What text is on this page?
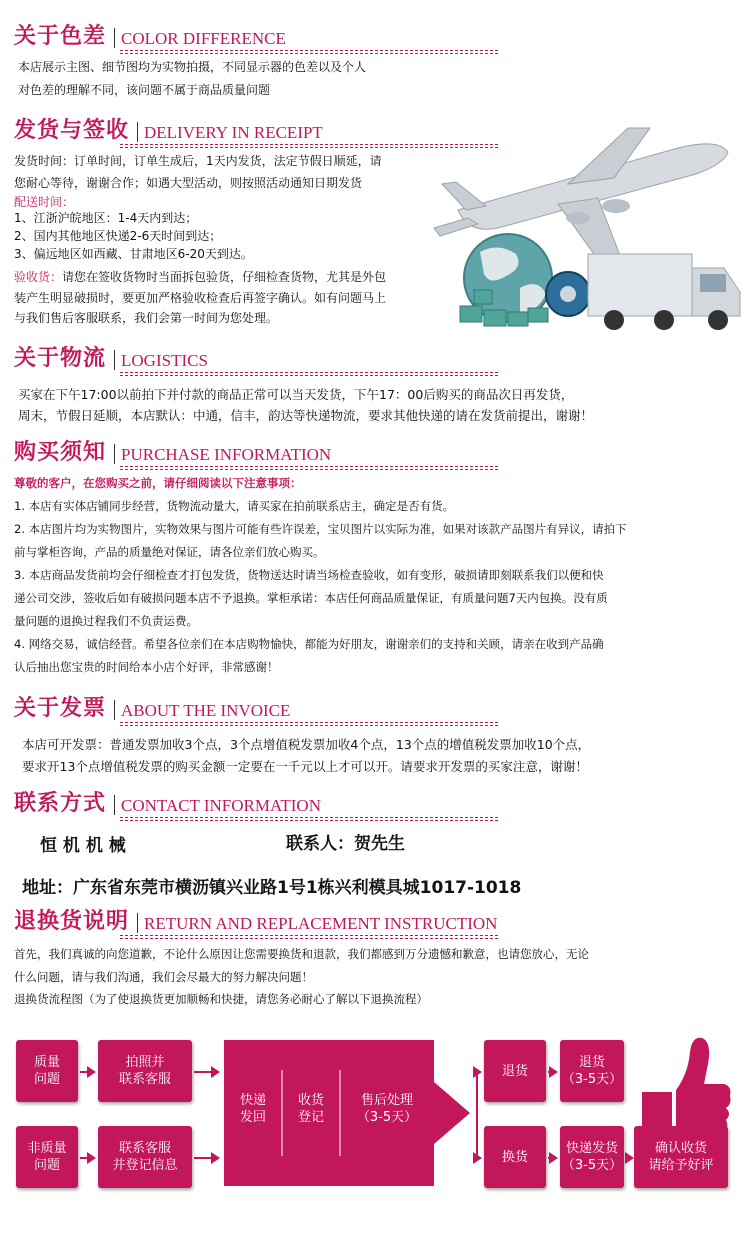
关于色差 COLOR DIFFERENCE
本店展示主图、细节图均为实物拍摄，不同显示器的色差以及个人
对色差的理解不同，该问题不属于商品质量问题
发货与签收 DELIVERY IN RECEIPT
发货时间：订单时间，订单生成后，1天内发货，法定节假日顺延，请
您耐心等待，谢谢合作；如遇大型活动，则按照活动通知日期发货
配送时间：
1、江浙沪皖地区：1-4天内到达；
2、国内其他地区快递2-6天时间到达；
3、偏远地区如西藏、甘肃地区6-20天到达。
验收货：请您在签收货物时当面拆包验货，仔细检查货物，尤其是外包
装产生明显破损时，要更加严格验收检查后再签字确认。如有问题马上
与我们售后客服联系，我们会第一时间为您处理。
关于物流 LOGISTICS
买家在下午17:00以前拍下并付款的商品正常可以当天发货，下午17：00后购买的商品次日再发货，
周末，节假日延顺，本店默认：中通，信丰，韵达等快递物流，要求其他快递的请在发货前提出，谢谢！
购买须知 PURCHASE INFORMATION
尊敬的客户，在您购买之前，请仔细阅读以下注意事项：
1. 本店有实体店铺同步经营，货物流动量大，请买家在拍前联系店主，确定是否有货。
2. 本店图片均为实物图片，实物效果与图片可能有些许误差，宝贝图片以实际为准，如果对该款产品图片有异议，请拍下
前与掌柜咨询，产品的质量绝对保证，请各位亲们放心购买。
3. 本店商品发货前均会仔细检查才打包发货，货物送达时请当场检查验收，如有变形，破损请即刻联系我们以便和快
递公司交涉，签收后如有破损问题本店不予退换。掌柜承诺：本店任何商品质量保证，有质量问题7天内包换。没有质
量问题的退换过程我们不负责运费。
4. 网络交易，诚信经营。希望各位亲们在本店购物愉快，都能为好朋友，谢谢亲们的支持和关顾，请亲在收到产品确
认后抽出您宝贵的时间给本小店个好评，非常感谢！
关于发票 ABOUT THE INVOICE
本店可开发票：普通发票加收3个点，3个点增值税发票加收4个点，13个点的增值税发票加收10个点，
要求开13个点增值税发票的购买金额一定要在一千元以上才可以开。请要求开发票的买家注意，谢谢！
联系方式 CONTACT INFORMATION
恒 机 机 械	联系人：贺先生
地址：广东省东莞市横沥镇兴业路1号1栋兴利模具城1017-1018
退换货说明 RETURN AND REPLACEMENT INSTRUCTION
首先，我们真诚的向您道歉，不论什么原因让您需要换货和退款，我们都感到万分遗憾和歉意，也请您放心，无论
什么问题，请与我们沟通，我们会尽最大的努力解决问题！
退换货流程图（为了使退换货更加顺畅和快捷，请您务必耐心了解以下退换流程）
质量
问题
拍照并
联系客服
非质量
问题
联系客服
并登记信息
快递
发回
收货
登记
售后处理
（3-5天）
退货
退货
（3-5天）
换货
快递发货
（3-5天）
确认收货
请给予好评
